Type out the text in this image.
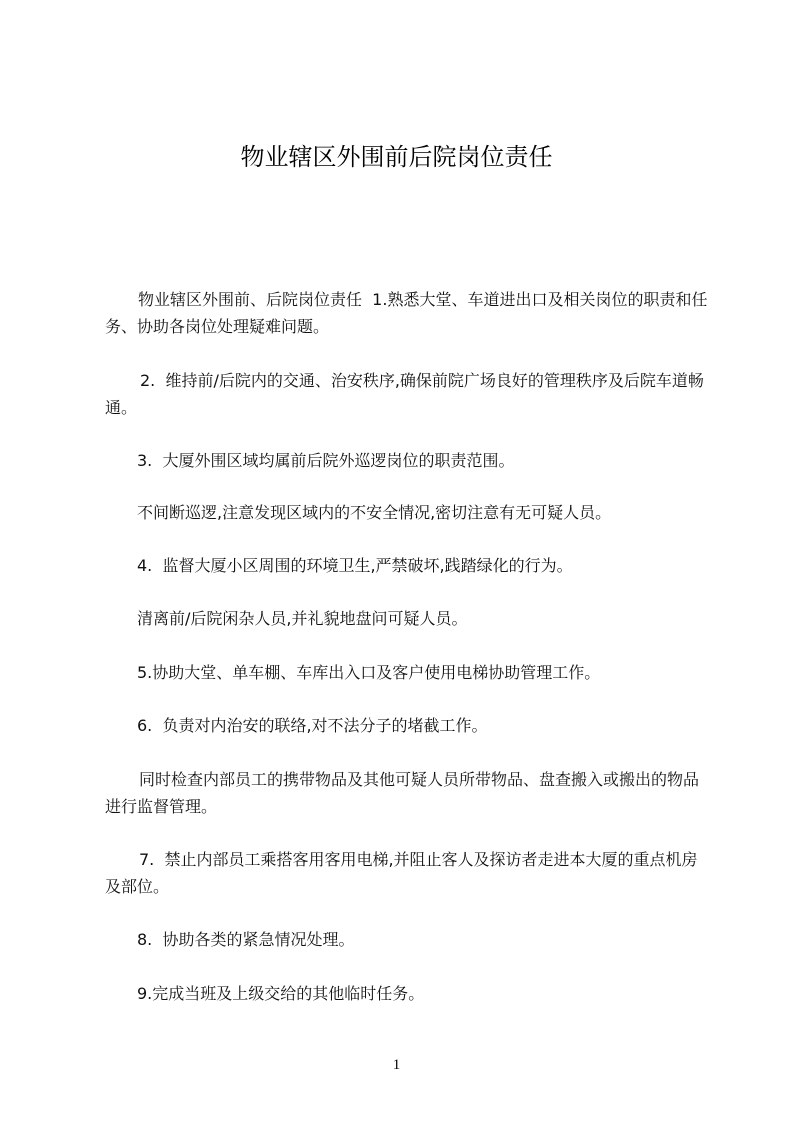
物业辖区外围前后院岗位责任
物业辖区外围前、后院岗位责任  1.熟悉大堂、车道进出口及相关岗位的职责和任
务、协助各岗位处理疑难问题。
2.  维持前/后院内的交通、治安秩序,确保前院广场良好的管理秩序及后院车道畅
通。
3.  大厦外围区域均属前后院外巡逻岗位的职责范围。
不间断巡逻,注意发现区域内的不安全情况,密切注意有无可疑人员。
4.  监督大厦小区周围的环境卫生,严禁破坏,践踏绿化的行为。
清离前/后院闲杂人员,并礼貌地盘问可疑人员。
5.协助大堂、单车棚、车库出入口及客户使用电梯协助管理工作。
6.  负责对内治安的联络,对不法分子的堵截工作。
同时检查内部员工的携带物品及其他可疑人员所带物品、盘查搬入或搬出的物品
进行监督管理。
7.  禁止内部员工乘搭客用客用电梯,并阻止客人及探访者走进本大厦的重点机房
及部位。
8.  协助各类的紧急情况处理。
9.完成当班及上级交给的其他临时任务。
1
